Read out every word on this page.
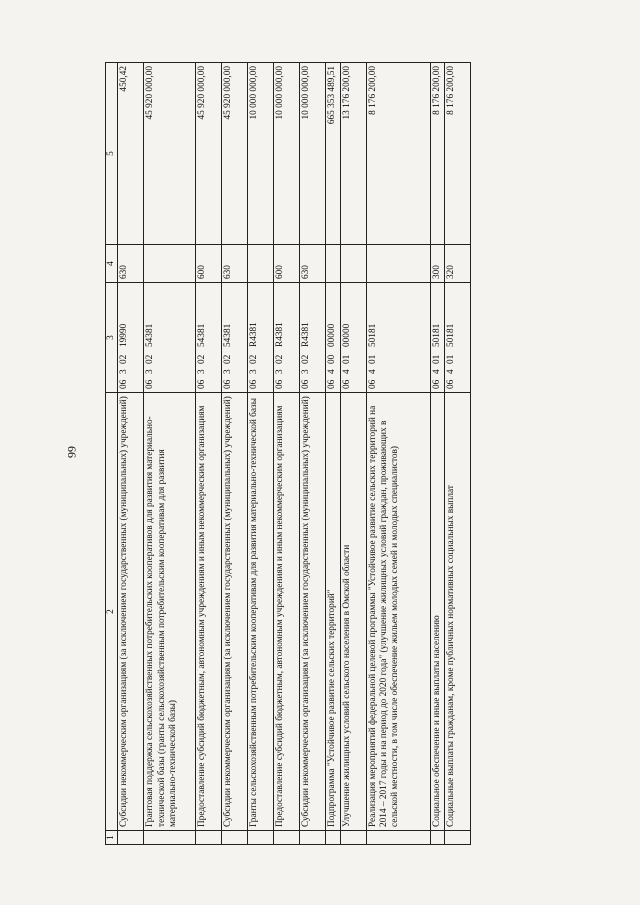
99
1	2	3	4	5
	Субсидии некоммерческим организациям (за исключением государственных (муниципальных) учреждений)	0630219990	630	450,42
	Грантовая поддержка сельскохозяйственных потребительских кооперативов для развития материально-технической базы (гранты сельскохозяйственным потребительским кооперативам для развития материально-технической базы)	0630254381		45 920 000,00
	Предоставление субсидий бюджетным, автономным учреждениям и иным некоммерческим организациям	0630254381	600	45 920 000,00
	Субсидии некоммерческим организациям (за исключением государственных (муниципальных) учреждений)	0630254381	630	45 920 000,00
	Гранты сельскохозяйственным потребительским кооперативам для развития материально-технической базы	06302R4381		10 000 000,00
	Предоставление субсидий бюджетным, автономным учреждениям и иным некоммерческим организациям	06302R4381	600	10 000 000,00
	Субсидии некоммерческим организациям (за исключением государственных (муниципальных) учреждений)	06302R4381	630	10 000 000,00
	Подпрограмма "Устойчивое развитие сельских территорий"	0640000000		665 353 489,51
	Улучшение жилищных условий сельского населения в Омской области	0640100000		13 176 200,00
	Реализация мероприятий федеральной целевой программы "Устойчивое развитие сельских территорий на 2014 – 2017 годы и на период до 2020 года" (улучшение жилищных условий граждан, проживающих в сельской местности, в том числе обеспечение жильем молодых семей и молодых специалистов)	0640150181		8 176 200,00
	Социальное обеспечение и иные выплаты населению	0640150181	300	8 176 200,00
	Социальные выплаты гражданам, кроме публичных нормативных социальных выплат	0640150181	320	8 176 200,00
